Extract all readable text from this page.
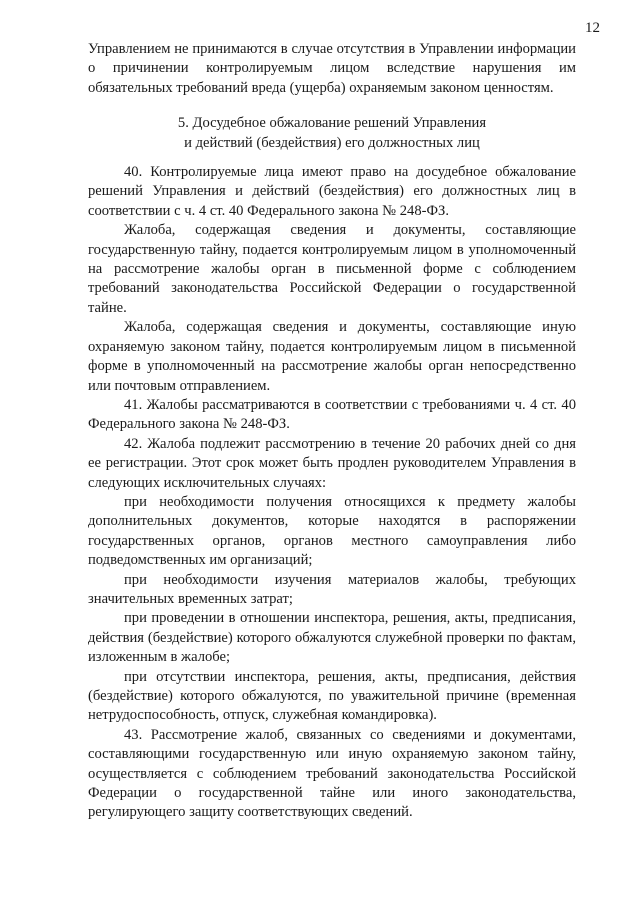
12

Управлением не принимаются в случае отсутствия в Управлении информации о причинении контролируемым лицом вследствие нарушения им обязательных требований вреда (ущерба) охраняемым законом ценностям.

5. Досудебное обжалование решений Управления
и действий (бездействия) его должностных лиц

40. Контролируемые лица имеют право на досудебное обжалование решений Управления и действий (бездействия) его должностных лиц в соответствии с ч. 4 ст. 40 Федерального закона № 248-ФЗ.

Жалоба, содержащая сведения и документы, составляющие государственную тайну, подается контролируемым лицом в уполномоченный на рассмотрение жалобы орган в письменной форме с соблюдением требований законодательства Российской Федерации о государственной тайне.

Жалоба, содержащая сведения и документы, составляющие иную охраняемую законом тайну, подается контролируемым лицом в письменной форме в уполномоченный на рассмотрение жалобы орган непосредственно или почтовым отправлением.

41. Жалобы рассматриваются в соответствии с требованиями ч. 4 ст. 40 Федерального закона № 248-ФЗ.

42. Жалоба подлежит рассмотрению в течение 20 рабочих дней со дня ее регистрации. Этот срок может быть продлен руководителем Управления в следующих исключительных случаях:

при необходимости получения относящихся к предмету жалобы дополнительных документов, которые находятся в распоряжении государственных органов, органов местного самоуправления либо подведомственных им организаций;

при необходимости изучения материалов жалобы, требующих значительных временных затрат;

при проведении в отношении инспектора, решения, акты, предписания, действия (бездействие) которого обжалуются служебной проверки по фактам, изложенным в жалобе;

при отсутствии инспектора, решения, акты, предписания, действия (бездействие) которого обжалуются, по уважительной причине (временная нетрудоспособность, отпуск, служебная командировка).

43. Рассмотрение жалоб, связанных со сведениями и документами, составляющими государственную или иную охраняемую законом тайну, осуществляется с соблюдением требований законодательства Российской Федерации о государственной тайне или иного законодательства, регулирующего защиту соответствующих сведений.
